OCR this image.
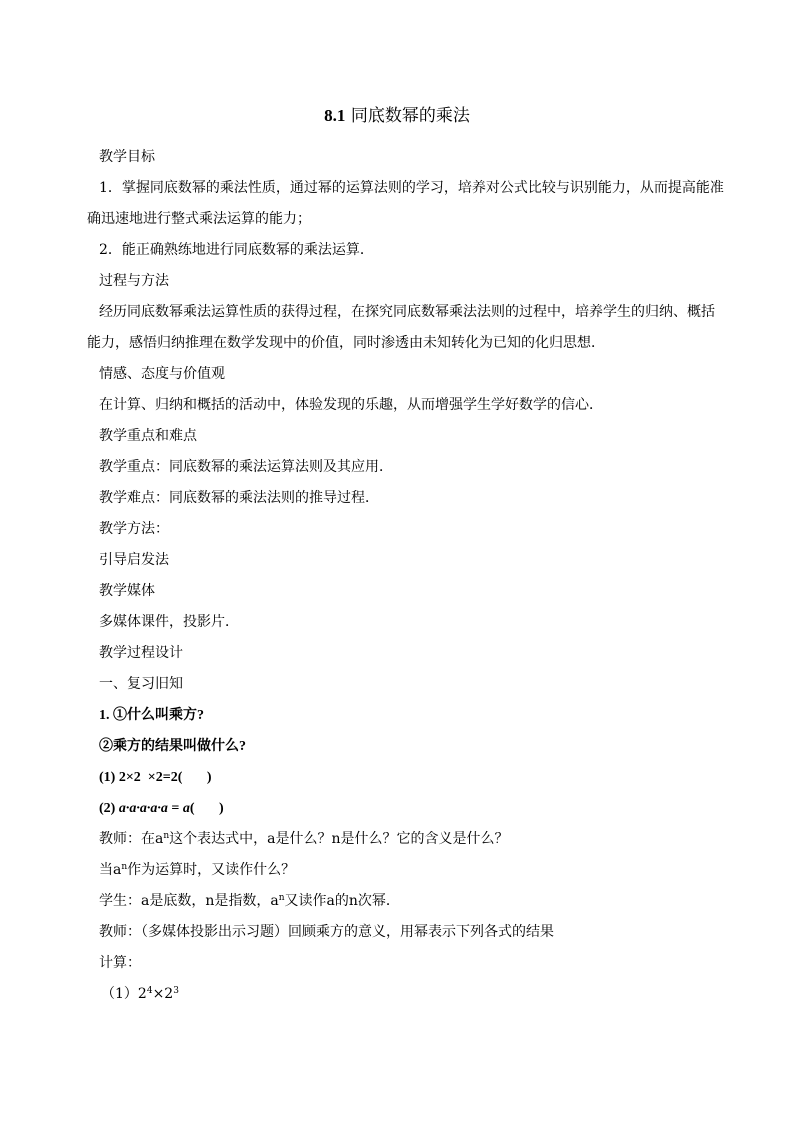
8.1 同底数幂的乘法

教学目标

1．掌握同底数幂的乘法性质，通过幂的运算法则的学习，培养对公式比较与识别能力，从而提高能准

确迅速地进行整式乘法运算的能力；

2．能正确熟练地进行同底数幂的乘法运算．

过程与方法

经历同底数幂乘法运算性质的获得过程，在探究同底数幂乘法法则的过程中，培养学生的归纳、概括

能力，感悟归纳推理在数学发现中的价值，同时渗透由未知转化为已知的化归思想．

情感、态度与价值观

在计算、归纳和概括的活动中，体验发现的乐趣，从而增强学生学好数学的信心．

教学重点和难点

教学重点：同底数幂的乘法运算法则及其应用．

教学难点：同底数幂的乘法法则的推导过程．

教学方法：

引导启发法

教学媒体

多媒体课件，投影片．

教学过程设计

一、复习旧知

1. ①什么叫乘方?

②乘方的结果叫做什么?

(1) 2×2  ×2=2(       )

(2) a·a·a·a·a = a(       )

教师：在$a^n$这个表达式中，a是什么？n是什么？它的含义是什么？

当$a^n$作为运算时，又读作什么？

学生：a是底数，n是指数，$a^n$又读作a的n次幂．

教师：（多媒体投影出示习题）回顾乘方的意义，用幂表示下列各式的结果

计算：

$(1)2^4\times 2^3$
